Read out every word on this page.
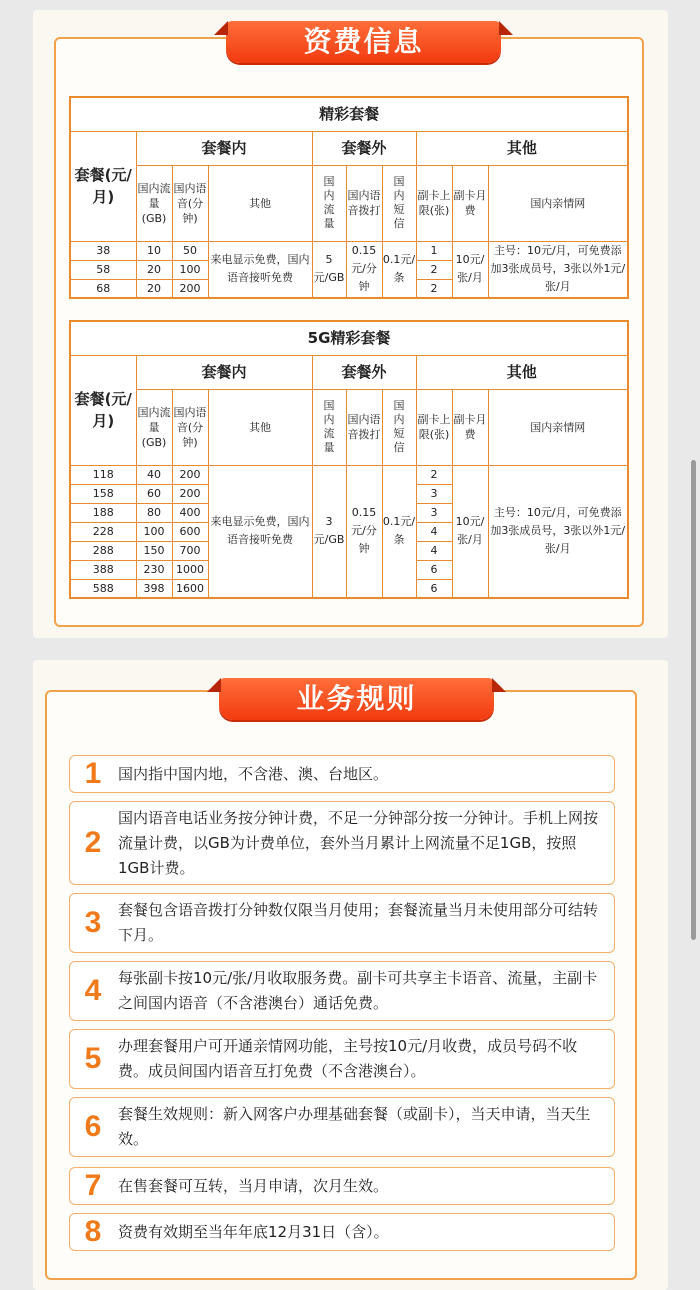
资费信息
精彩套餐									
套餐(元/月)	套餐内			套餐外			其他		
	国内流量(GB)	国内语音(分钟)	其他	国内流量	国内语音拨打	国内短信	副卡上限(张)	副卡月费	国内亲情网
38	10	50	来电显示免费，国内语音接听免费	5元/GB	0.15元/分钟	0.1元/条	1	10元/张/月	主号：10元/月，可免费添加3张成员号，3张以外1元/张/月
58	20	100					2		
68	20	200					2		
5G精彩套餐									
套餐(元/月)	套餐内			套餐外			其他		
	国内流量(GB)	国内语音(分钟)	其他	国内流量	国内语音拨打	国内短信	副卡上限(张)	副卡月费	国内亲情网
118	40	200	来电显示免费，国内语音接听免费	3元/GB	0.15元/分钟	0.1元/条	2	10元/张/月	主号：10元/月，可免费添加3张成员号，3张以外1元/张/月
158	60	200					3		
188	80	400					3		
228	100	600					4		
288	150	700					4		
388	230	1000					6		
588	398	1600					6		
业务规则
1	国内指中国内地，不含港、澳、台地区。
2
国内语音电话业务按分钟计费，不足一分钟部分按一分钟计。手机上网按流量计费，以GB为计费单位，套外当月累计上网流量不足1GB，按照1GB计费。
3	套餐包含语音拨打分钟数仅限当月使用；套餐流量当月未使用部分可结转下月。
4	每张副卡按10元/张/月收取服务费。副卡可共享主卡语音、流量，主副卡之间国内语音（不含港澳台）通话免费。
5	办理套餐用户可开通亲情网功能，主号按10元/月收费，成员号码不收费。成员间国内语音互打免费（不含港澳台）。
6	套餐生效规则：新入网客户办理基础套餐（或副卡），当天申请，当天生效。
7	在售套餐可互转，当月申请，次月生效。
8	资费有效期至当年年底12月31日（含）。
